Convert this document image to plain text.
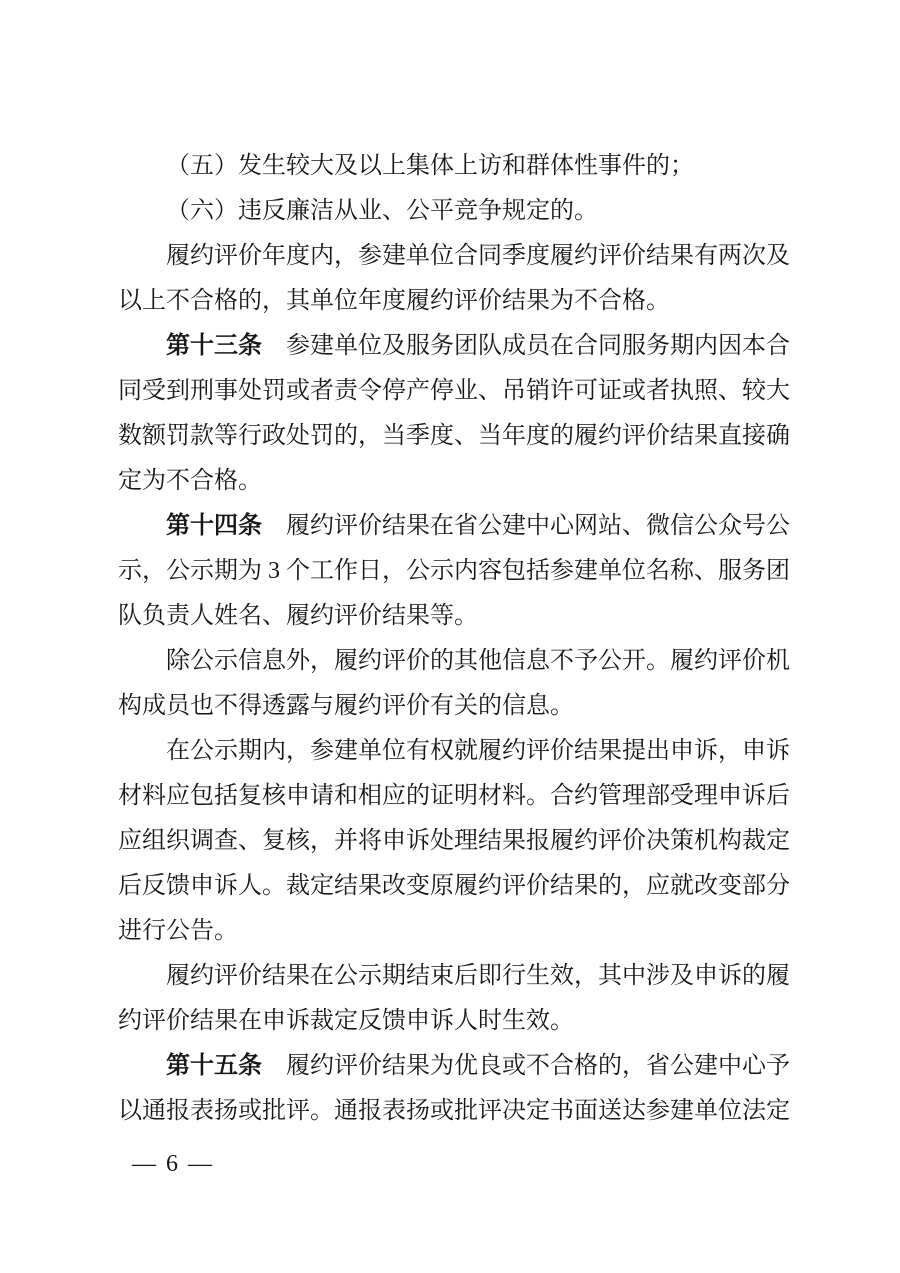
（五）发生较大及以上集体上访和群体性事件的；

（六）违反廉洁从业、公平竞争规定的。

履约评价年度内，参建单位合同季度履约评价结果有两次及

以上不合格的，其单位年度履约评价结果为不合格。

第十三条 参建单位及服务团队成员在合同服务期内因本合

同受到刑事处罚或者责令停产停业、吊销许可证或者执照、较大

数额罚款等行政处罚的，当季度、当年度的履约评价结果直接确

定为不合格。

第十四条 履约评价结果在省公建中心网站、微信公众号公

示，公示期为 3 个工作日，公示内容包括参建单位名称、服务团

队负责人姓名、履约评价结果等。

除公示信息外，履约评价的其他信息不予公开。履约评价机

构成员也不得透露与履约评价有关的信息。

在公示期内，参建单位有权就履约评价结果提出申诉，申诉

材料应包括复核申请和相应的证明材料。合约管理部受理申诉后

应组织调查、复核，并将申诉处理结果报履约评价决策机构裁定

后反馈申诉人。裁定结果改变原履约评价结果的，应就改变部分

进行公告。

履约评价结果在公示期结束后即行生效，其中涉及申诉的履

约评价结果在申诉裁定反馈申诉人时生效。

第十五条 履约评价结果为优良或不合格的，省公建中心予

以通报表扬或批评。通报表扬或批评决定书面送达参建单位法定

— 6 —
